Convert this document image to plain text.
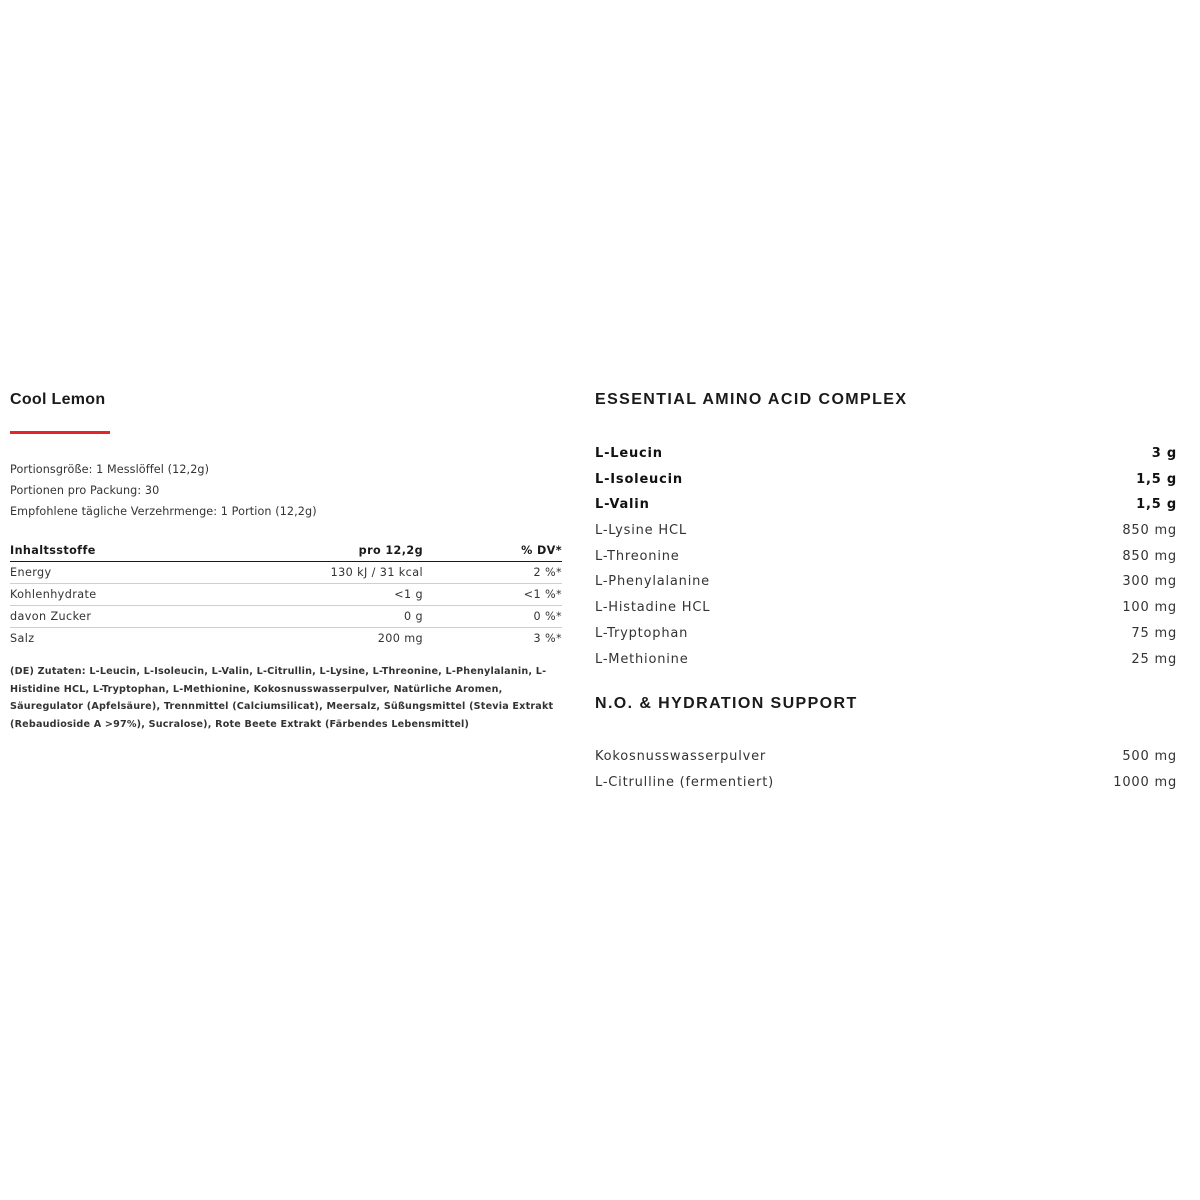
Cool Lemon
Portionsgröße: 1 Messlöffel (12,2g)
Portionen pro Packung: 30
Empfohlene tägliche Verzehrmenge: 1 Portion (12,2g)
Inhaltsstoffe	pro 12,2g	% DV*
Energy	130 kJ / 31 kcal	2 %*
Kohlenhydrate	<1 g	<1 %*
davon Zucker	0 g	0 %*
Salz	200 mg	3 %*
(DE) Zutaten: L-Leucin, L-Isoleucin, L-Valin, L-Citrullin, L-Lysine, L-Threonine, L-Phenylalanin, L-Histidine HCL, L-Tryptophan, L-Methionine, Kokosnusswasserpulver, Natürliche Aromen, Säuregulator (Apfelsäure), Trennmittel (Calciumsilicat), Meersalz, Süßungsmittel (Stevia Extrakt (Rebaudioside A >97%), Sucralose), Rote Beete Extrakt (Färbendes Lebensmittel)
ESSENTIAL AMINO ACID COMPLEX
L-Leucin	3 g
L-Isoleucin	1,5 g
L-Valin	1,5 g
L-Lysine HCL	850 mg
L-Threonine	850 mg
L-Phenylalanine	300 mg
L-Histadine HCL	100 mg
L-Tryptophan	75 mg
L-Methionine	25 mg
N.O. & HYDRATION SUPPORT
Kokosnusswasserpulver	500 mg
L-Citrulline (fermentiert)	1000 mg
